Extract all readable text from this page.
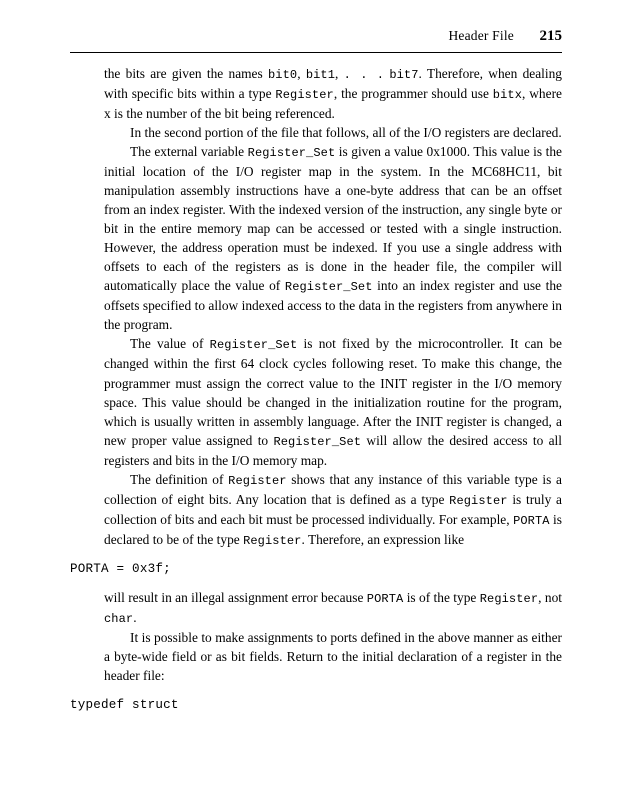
Header File 215

the bits are given the names bit0, bit1, . . . bit7. Therefore, when dealing with specific bits within a type Register, the programmer should use bitx, where x is the number of the bit being referenced.

In the second portion of the file that follows, all of the I/O registers are declared.

The external variable Register_Set is given a value 0x1000. This value is the initial location of the I/O register map in the system. In the MC68HC11, bit manipulation assembly instructions have a one-byte address that can be an offset from an index register. With the indexed version of the instruction, any single byte or bit in the entire memory map can be accessed or tested with a single instruction. However, the address operation must be indexed. If you use a single address with offsets to each of the registers as is done in the header file, the compiler will automatically place the value of Register_Set into an index register and use the offsets specified to allow indexed access to the data in the registers from anywhere in the program.

The value of Register_Set is not fixed by the microcontroller. It can be changed within the first 64 clock cycles following reset. To make this change, the programmer must assign the correct value to the INIT register in the I/O memory space. This value should be changed in the initialization routine for the program, which is usually written in assembly language. After the INIT register is changed, a new proper value assigned to Register_Set will allow the desired access to all registers and bits in the I/O memory map.

The definition of Register shows that any instance of this variable type is a collection of eight bits. Any location that is defined as a type Register is truly a collection of bits and each bit must be processed individually. For example, PORTA is declared to be of the type Register. Therefore, an expression like

PORTA = 0x3f;

will result in an illegal assignment error because PORTA is of the type Register, not char.

It is possible to make assignments to ports defined in the above manner as either a byte-wide field or as bit fields. Return to the initial declaration of a register in the header file:

typedef struct
